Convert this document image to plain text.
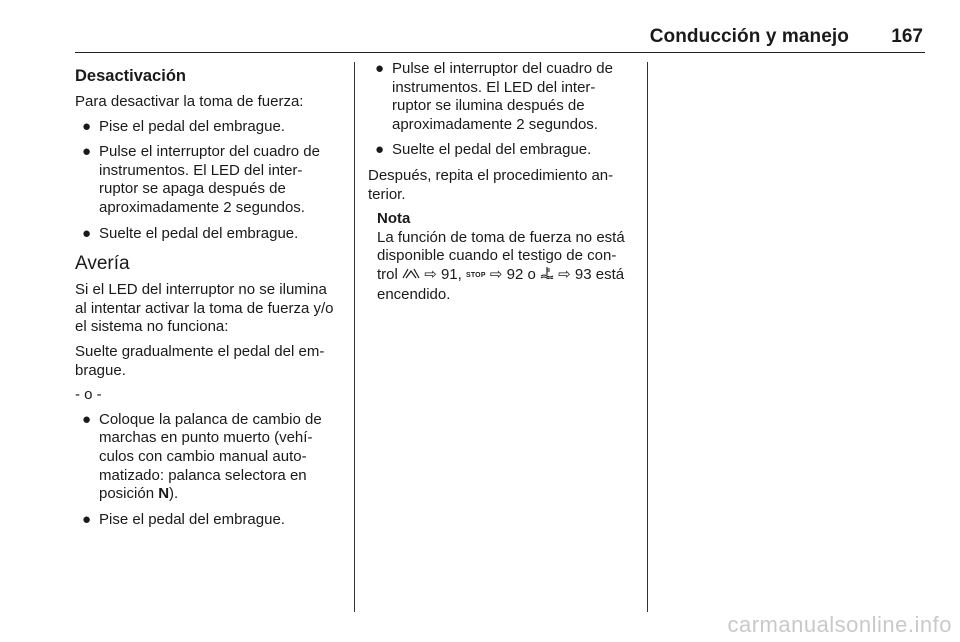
Conducción y manejo 167
Desactivación

Para desactivar la toma de fuerza:

● Pise el pedal del embrague.
● Pulse el interruptor del cuadro de instrumentos. El LED del inter-ruptor se apaga después de aproximadamente 2 segundos.
● Suelte el pedal del embrague.
Avería

Si el LED del interruptor no se ilumina al intentar activar la toma de fuerza y/o el sistema no funciona:

Suelte gradualmente el pedal del em-brague.

- o -

● Coloque la palanca de cambio de marchas en punto muerto (vehí-culos con cambio manual auto-matizado: palanca selectora en posición N).
● Pise el pedal del embrague.
● Pulse el interruptor del cuadro de instrumentos. El LED del inter-ruptor se ilumina después de aproximadamente 2 segundos.
● Suelte el pedal del embrague.

Después, repita el procedimiento an-terior.

Nota
La función de toma de fuerza no está disponible cuando el testigo de con-trol ⇨ 91, STOP ⇨ 92 o ⇨ 93 está encendido.
carmanualsonline.info
